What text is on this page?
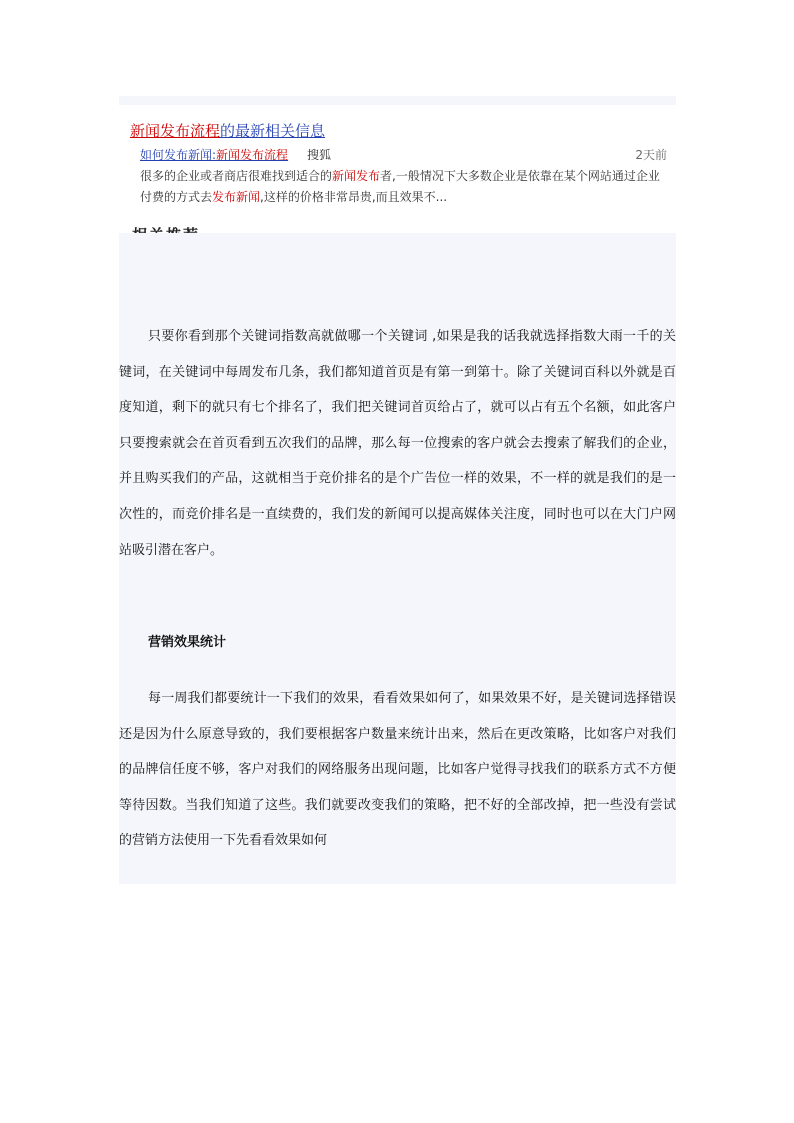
新闻发布流程的最新相关信息
如何发布新闻:新闻发布流程 搜狐	2天前
很多的企业或者商店很难找到适合的新闻发布者,一般情况下大多数企业是依靠在某个网站通过企业付费的方式去发布新闻,这样的价格非常昂贵,而且效果不...

只要你看到那个关键词指数高就做哪一个关键词 ,如果是我的话我就选择指数大雨一千的关键词，在关键词中每周发布几条，我们都知道首页是有第一到第十。除了关键词百科以外就是百度知道，剩下的就只有七个排名了，我们把关键词首页给占了，就可以占有五个名额，如此客户只要搜索就会在首页看到五次我们的品牌，那么每一位搜索的客户就会去搜索了解我们的企业，并且购买我们的产品，这就相当于竞价排名的是个广告位一样的效果，不一样的就是我们的是一次性的，而竞价排名是一直续费的，我们发的新闻可以提高媒体关注度，同时也可以在大门户网站吸引潜在客户。

营销效果统计

每一周我们都要统计一下我们的效果，看看效果如何了，如果效果不好，是关键词选择错误还是因为什么原意导致的，我们要根据客户数量来统计出来，然后在更改策略，比如客户对我们的品牌信任度不够，客户对我们的网络服务出现问题，比如客户觉得寻找我们的联系方式不方便等待因数。当我们知道了这些。我们就要改变我们的策略，把不好的全部改掉，把一些没有尝试的营销方法使用一下先看看效果如何
